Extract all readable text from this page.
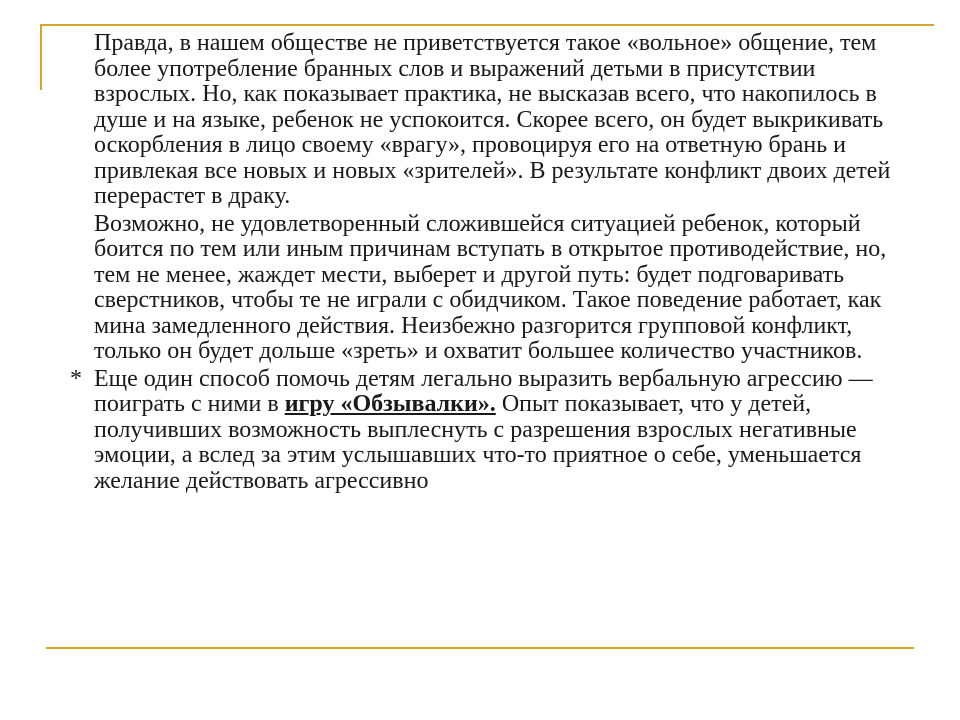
Правда, в нашем обществе не приветствуется такое «вольное» общение, тем более употребление бранных слов и выражений детьми в присутствии взрослых. Но, как показывает практика, не высказав всего, что накопилось в душе и на языке, ребенок не успокоится. Скорее всего, он будет выкрикивать оскорбления в лицо своему «врагу», провоцируя его на ответную брань и привлекая все новых и новых «зрителей». В результате конфликт двоих детей перерастет в драку.

Возможно, не удовлетворенный сложившейся ситуацией ребенок, который боится по тем или иным причинам вступать в открытое противодействие, но, тем не менее, жаждет мести, выберет и другой путь: будет подговаривать сверстников, чтобы те не играли с обидчиком. Такое поведение работает, как мина замедленного действия. Неизбежно разгорится групповой конфликт, только он будет дольше «зреть» и охватит большее количество участников.

* Еще один способ помочь детям легально выразить вербальную агрессию — поиграть с ними в игру «Обзывалки». Опыт показывает, что у детей, получивших возможность выплеснуть с разрешения взрослых негативные эмоции, а вслед за этим услышавших что-то приятное о себе, уменьшается желание действовать агрессивно
